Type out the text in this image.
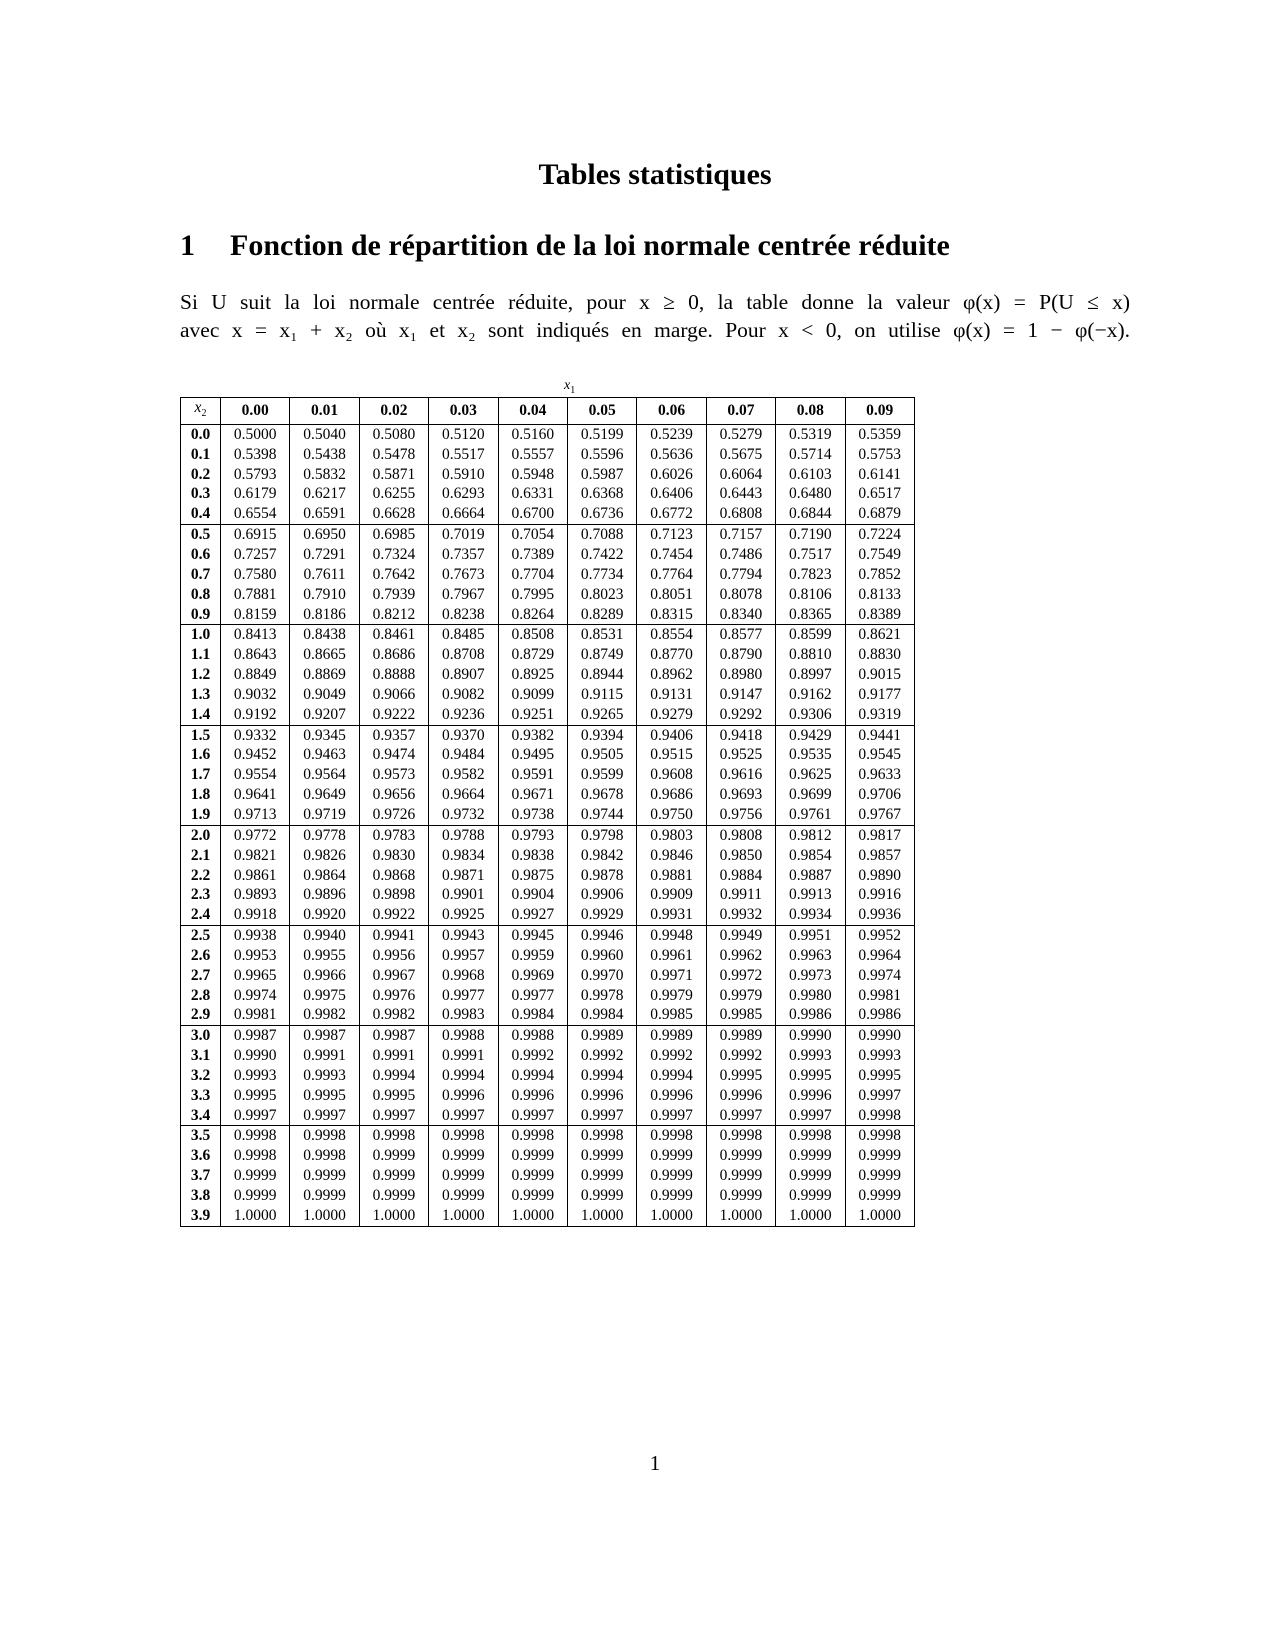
Tables statistiques
1 Fonction de répartition de la loi normale centrée réduite
Si U suit la loi normale centrée réduite, pour x ≥ 0, la table donne la valeur φ(x) = P(U ≤ x)
avec x = x₁ + x₂ où x₁ et x₂ sont indiqués en marge. Pour x < 0, on utilise φ(x) = 1 − φ(−x).
$x_1$
$x_2$	0.00	0.01	0.02	0.03	0.04	0.05	0.06	0.07	0.08	0.09
0.0	0.5000	0.5040	0.5080	0.5120	0.5160	0.5199	0.5239	0.5279	0.5319	0.5359
0.1	0.5398	0.5438	0.5478	0.5517	0.5557	0.5596	0.5636	0.5675	0.5714	0.5753
0.2	0.5793	0.5832	0.5871	0.5910	0.5948	0.5987	0.6026	0.6064	0.6103	0.6141
0.3	0.6179	0.6217	0.6255	0.6293	0.6331	0.6368	0.6406	0.6443	0.6480	0.6517
0.4	0.6554	0.6591	0.6628	0.6664	0.6700	0.6736	0.6772	0.6808	0.6844	0.6879
0.5	0.6915	0.6950	0.6985	0.7019	0.7054	0.7088	0.7123	0.7157	0.7190	0.7224
0.6	0.7257	0.7291	0.7324	0.7357	0.7389	0.7422	0.7454	0.7486	0.7517	0.7549
0.7	0.7580	0.7611	0.7642	0.7673	0.7704	0.7734	0.7764	0.7794	0.7823	0.7852
0.8	0.7881	0.7910	0.7939	0.7967	0.7995	0.8023	0.8051	0.8078	0.8106	0.8133
0.9	0.8159	0.8186	0.8212	0.8238	0.8264	0.8289	0.8315	0.8340	0.8365	0.8389
1.0	0.8413	0.8438	0.8461	0.8485	0.8508	0.8531	0.8554	0.8577	0.8599	0.8621
1.1	0.8643	0.8665	0.8686	0.8708	0.8729	0.8749	0.8770	0.8790	0.8810	0.8830
1.2	0.8849	0.8869	0.8888	0.8907	0.8925	0.8944	0.8962	0.8980	0.8997	0.9015
1.3	0.9032	0.9049	0.9066	0.9082	0.9099	0.9115	0.9131	0.9147	0.9162	0.9177
1.4	0.9192	0.9207	0.9222	0.9236	0.9251	0.9265	0.9279	0.9292	0.9306	0.9319
1.5	0.9332	0.9345	0.9357	0.9370	0.9382	0.9394	0.9406	0.9418	0.9429	0.9441
1.6	0.9452	0.9463	0.9474	0.9484	0.9495	0.9505	0.9515	0.9525	0.9535	0.9545
1.7	0.9554	0.9564	0.9573	0.9582	0.9591	0.9599	0.9608	0.9616	0.9625	0.9633
1.8	0.9641	0.9649	0.9656	0.9664	0.9671	0.9678	0.9686	0.9693	0.9699	0.9706
1.9	0.9713	0.9719	0.9726	0.9732	0.9738	0.9744	0.9750	0.9756	0.9761	0.9767
2.0	0.9772	0.9778	0.9783	0.9788	0.9793	0.9798	0.9803	0.9808	0.9812	0.9817
2.1	0.9821	0.9826	0.9830	0.9834	0.9838	0.9842	0.9846	0.9850	0.9854	0.9857
2.2	0.9861	0.9864	0.9868	0.9871	0.9875	0.9878	0.9881	0.9884	0.9887	0.9890
2.3	0.9893	0.9896	0.9898	0.9901	0.9904	0.9906	0.9909	0.9911	0.9913	0.9916
2.4	0.9918	0.9920	0.9922	0.9925	0.9927	0.9929	0.9931	0.9932	0.9934	0.9936
2.5	0.9938	0.9940	0.9941	0.9943	0.9945	0.9946	0.9948	0.9949	0.9951	0.9952
2.6	0.9953	0.9955	0.9956	0.9957	0.9959	0.9960	0.9961	0.9962	0.9963	0.9964
2.7	0.9965	0.9966	0.9967	0.9968	0.9969	0.9970	0.9971	0.9972	0.9973	0.9974
2.8	0.9974	0.9975	0.9976	0.9977	0.9977	0.9978	0.9979	0.9979	0.9980	0.9981
2.9	0.9981	0.9982	0.9982	0.9983	0.9984	0.9984	0.9985	0.9985	0.9986	0.9986
3.0	0.9987	0.9987	0.9987	0.9988	0.9988	0.9989	0.9989	0.9989	0.9990	0.9990
3.1	0.9990	0.9991	0.9991	0.9991	0.9992	0.9992	0.9992	0.9992	0.9993	0.9993
3.2	0.9993	0.9993	0.9994	0.9994	0.9994	0.9994	0.9994	0.9995	0.9995	0.9995
3.3	0.9995	0.9995	0.9995	0.9996	0.9996	0.9996	0.9996	0.9996	0.9996	0.9997
3.4	0.9997	0.9997	0.9997	0.9997	0.9997	0.9997	0.9997	0.9997	0.9997	0.9998
3.5	0.9998	0.9998	0.9998	0.9998	0.9998	0.9998	0.9998	0.9998	0.9998	0.9998
3.6	0.9998	0.9998	0.9999	0.9999	0.9999	0.9999	0.9999	0.9999	0.9999	0.9999
3.7	0.9999	0.9999	0.9999	0.9999	0.9999	0.9999	0.9999	0.9999	0.9999	0.9999
3.8	0.9999	0.9999	0.9999	0.9999	0.9999	0.9999	0.9999	0.9999	0.9999	0.9999
3.9	1.0000	1.0000	1.0000	1.0000	1.0000	1.0000	1.0000	1.0000	1.0000	1.0000
1
